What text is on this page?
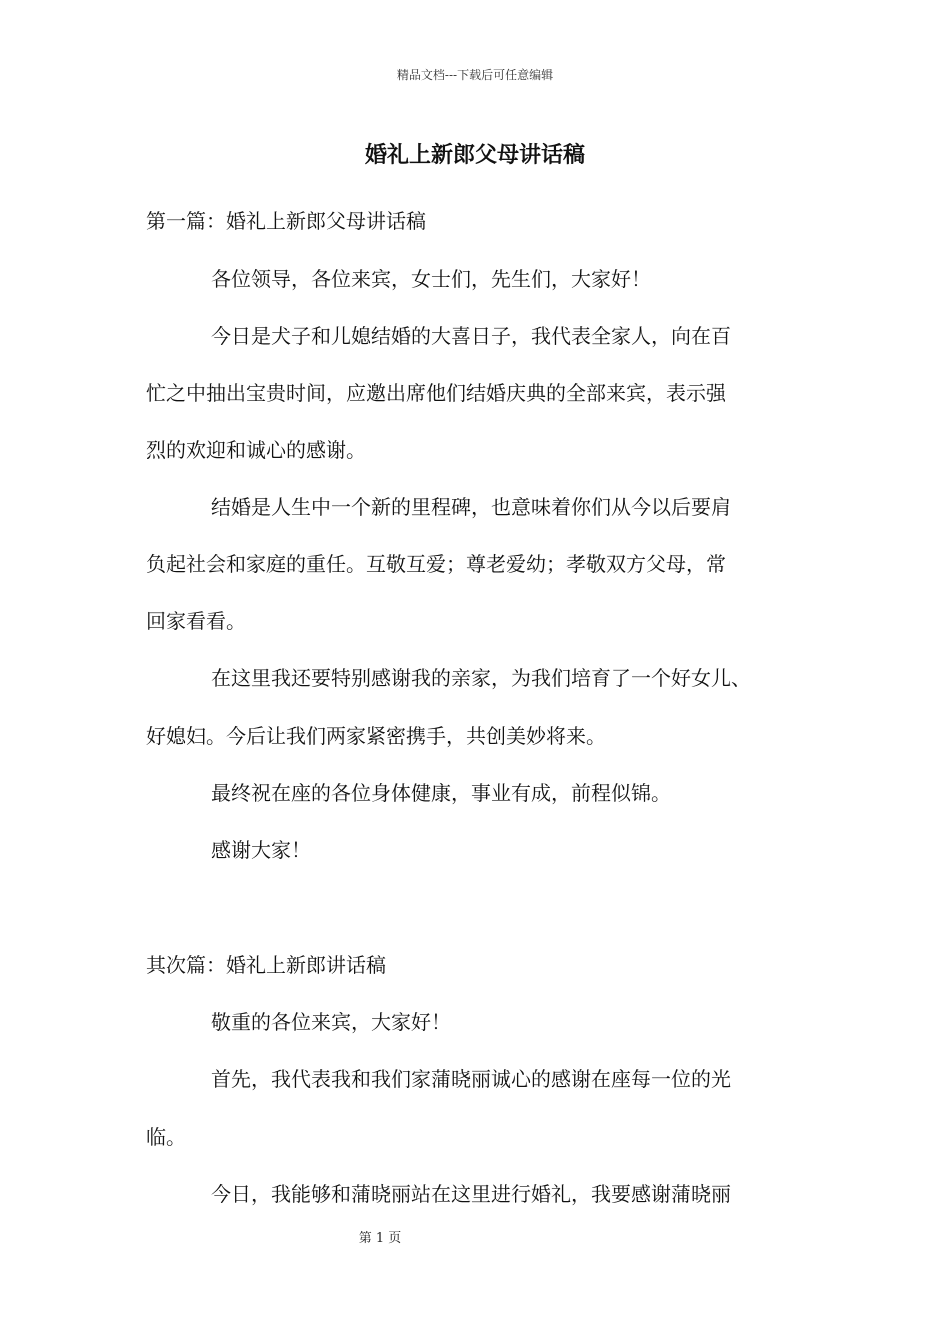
精品文档---下载后可任意编辑
婚礼上新郎父母讲话稿
第一篇：婚礼上新郎父母讲话稿
各位领导，各位来宾，女士们，先生们，大家好！
今日是犬子和儿媳结婚的大喜日子，我代表全家人，向在百
忙之中抽出宝贵时间，应邀出席他们结婚庆典的全部来宾，表示强
烈的欢迎和诚心的感谢。
结婚是人生中一个新的里程碑，也意味着你们从今以后要肩
负起社会和家庭的重任。互敬互爱；尊老爱幼；孝敬双方父母，常
回家看看。
在这里我还要特别感谢我的亲家，为我们培育了一个好女儿、
好媳妇。今后让我们两家紧密携手，共创美妙将来。
最终祝在座的各位身体健康，事业有成，前程似锦。
感谢大家！
其次篇：婚礼上新郎讲话稿
敬重的各位来宾，大家好！
首先，我代表我和我们家蒲晓丽诚心的感谢在座每一位的光
临。
今日，我能够和蒲晓丽站在这里进行婚礼，我要感谢蒲晓丽
第 1 页
